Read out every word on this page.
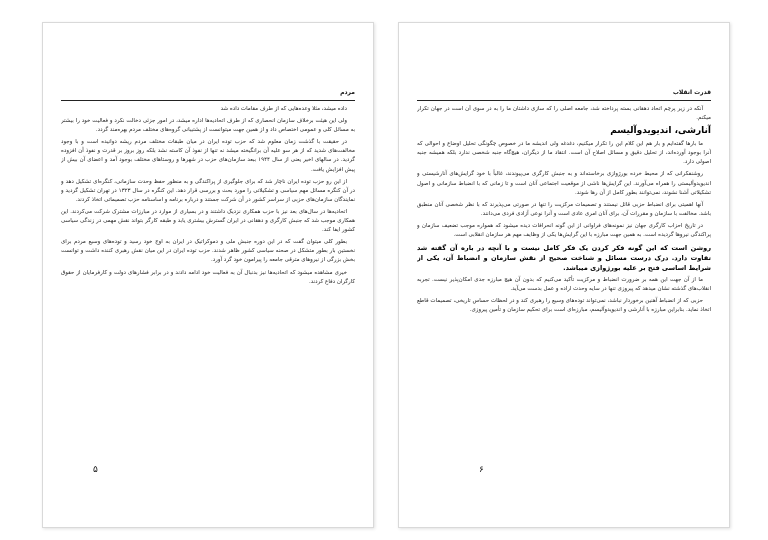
مردم

داده میشد، مثلا وعده‌هایی که از طرف مقامات داده شد

ولی این هیئت برخلاف سازمان انحصاری که از طرف اتحادیه‌ها اداره میشد، در امور جزئی دخالت نکرد و فعالیت خود را بیشتر به مسائل کلی و عمومی اختصاص داد و از همین جهت میتوانست از پشتیبانی گروه‌های مختلف مردم بهره‌مند گردد.

در حقیقت با گذشت زمان معلوم شد که حزب توده ایران در میان طبقات مختلف مردم ریشه دوانیده است و با وجود مخالفت‌های شدید که از هر سو علیه آن برانگیخته میشد نه تنها از نفوذ آن کاسته نشد بلکه روز بروز بر قدرت و نفوذ آن افزوده گردید. در سالهای اخیر یعنی از سال ۱۹۴۴ ببعد سازمان‌های حزب در شهرها و روستاهای مختلف بوجود آمد و اعضای آن بیش از پیش افزایش یافت.

از این رو حزب توده ایران ناچار شد که برای جلوگیری از پراکندگی و به منظور حفظ وحدت سازمانی، کنگره‌ای تشکیل دهد و در آن کنگره مسائل مهم سیاسی و تشکیلاتی را مورد بحث و بررسی قرار دهد. این کنگره در سال ۱۳۲۳ در تهران تشکیل گردید و نمایندگان سازمان‌های حزبی از سراسر کشور در آن شرکت جستند و درباره برنامه و اساسنامه حزب تصمیماتی اتخاذ کردند.

اتحادیه‌ها در سال‌های بعد نیز با حزب همکاری نزدیک داشتند و در بسیاری از موارد در مبارزات مشترک شرکت می‌کردند. این همکاری موجب شد که جنبش کارگری و دهقانی در ایران گسترش بیشتری یابد و طبقه کارگر بتواند نقش مهمی در زندگی سیاسی کشور ایفا کند.

بطور کلی میتوان گفت که در این دوره جنبش ملی و دموکراتیک در ایران به اوج خود رسید و توده‌های وسیع مردم برای نخستین بار بطور متشکل در صحنه سیاسی کشور ظاهر شدند. حزب توده ایران در این میان نقش رهبری کننده داشت و توانست بخش بزرگی از نیروهای مترقی جامعه را پیرامون خود گرد آورد.

خیری مشاهده میشود که اتحادیه‌ها نیز بدنبال آن به فعالیت خود ادامه دادند و در برابر فشارهای دولت و کارفرمایان از حقوق کارگران دفاع کردند.

۵
قدرت انقلاب

آنکه در زیر پرچم اتحاد دهقانی بسته پرداخته شد، جامعه اصلی را که سازی داشتان ما را به در سوی آن است در جهان تکرار میکنم.

آنارشی، اندیویدوآلیسم

ما بارها گفته‌ایم و بار هم این کلام این را تکرار میکنیم، دغدغه ولی اندیشه ما در خصوص چگونگی تحلیل اوضاع و احوالی که آنرا بوجود آورده‌اند، از تحلیل دقیق و مسائل اصلاح آن است. انتقاد ما از دیگران، هیچ‌گاه جنبه شخصی ندارد بلکه همیشه جنبه اصولی دارد.

روشنفکرانی که از محیط خرده بورژوازی برخاسته‌اند و به جنبش کارگری می‌پیوندند، غالباً با خود گرایش‌های آنارشیستی و اندیویدوآلیستی را همراه می‌آورند. این گرایش‌ها ناشی از موقعیت اجتماعی آنان است و تا زمانی که با انضباط سازمانی و اصول تشکیلاتی آشنا نشوند، نمی‌توانند بطور کامل از آن رها شوند.

آنها اهمیتی برای انضباط حزبی قائل نیستند و تصمیمات مرکزیت را تنها در صورتی می‌پذیرند که با نظر شخصی آنان منطبق باشد. مخالفت با سازمان و مقررات آن، برای آنان امری عادی است و آنرا نوعی آزادی فردی می‌دانند.

در تاریخ احزاب کارگری جهان نیز نمونه‌های فراوانی از این گونه انحرافات دیده میشود که همواره موجب تضعیف سازمان و پراکندگی نیروها گردیده است. به همین جهت مبارزه با این گرایش‌ها یکی از وظایف مهم هر سازمان انقلابی است.

روشن است که این گونه فکر کردن یک فکر کامل نیست و با آنچه در باره آن گفته شد تفاوت دارد. درک درست مسائل و شناخت صحیح از نقش سازمان و انضباط آن، یکی از شرایط اساسی فتح بر علیه بورژوازی میباشد.

ما از آن جهت این همه بر ضرورت انضباط و مرکزیت تأکید می‌کنیم که بدون آن هیچ مبارزه جدی امکان‌پذیر نیست. تجربه انقلاب‌های گذشته نشان میدهد که پیروزی تنها در سایه وحدت اراده و عمل بدست می‌آید.

حزبی که از انضباط آهنین برخوردار نباشد، نمی‌تواند توده‌های وسیع را رهبری کند و در لحظات حساس تاریخی، تصمیمات قاطع اتخاذ نماید. بنابراین مبارزه با آنارشی و اندیویدوآلیسم، مبارزه‌ای است برای تحکیم سازمان و تأمین پیروزی.

۶
